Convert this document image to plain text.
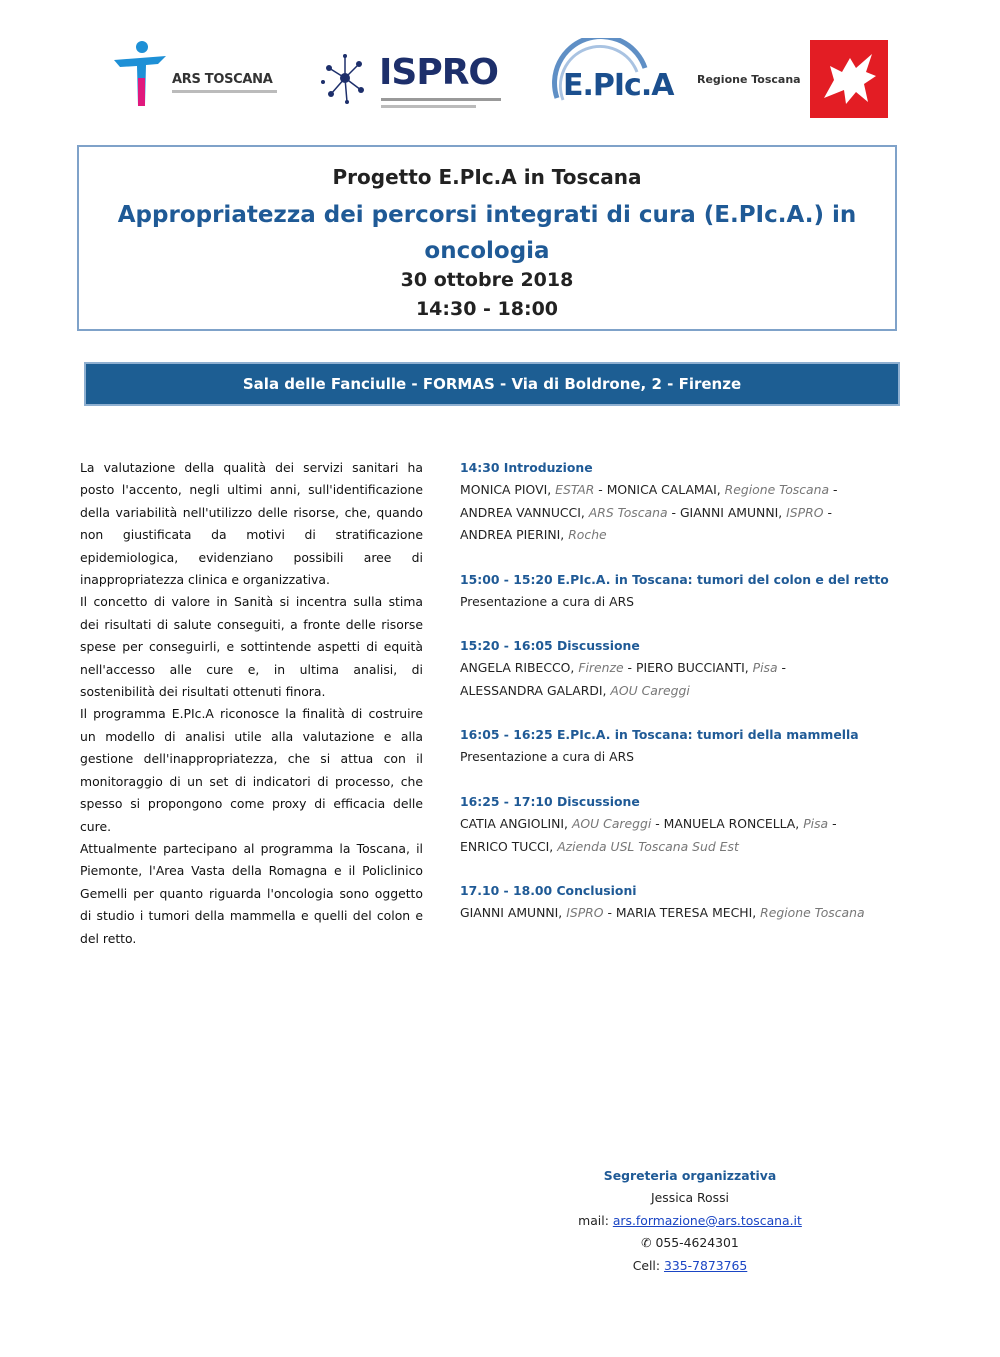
ARS TOSCANA	ISPRO E.PIc.A Regione Toscana
Progetto E.PIc.A in Toscana
Appropriatezza dei percorsi integrati di cura (E.PIc.A.) in oncologia
30 ottobre 2018
14:30 - 18:00
Sala delle Fanciulle - FORMAS - Via di Boldrone, 2 - Firenze

La valutazione della qualità dei servizi sanitari ha posto l'accento, negli ultimi anni, sull'identificazione della variabilità nell'utilizzo delle risorse, che, quando non giustificata da motivi di stratificazione epidemiologica, evidenziano possibili aree di inappropriatezza clinica e organizzativa.

Il concetto di valore in Sanità si incentra sulla stima dei risultati di salute conseguiti, a fronte delle risorse spese per conseguirli, e sottintende aspetti di equità nell'accesso alle cure e, in ultima analisi, di sostenibilità dei risultati ottenuti finora.

Il programma E.PIc.A riconosce la finalità di costruire un modello di analisi utile alla valutazione e alla gestione dell'inappropriatezza, che si attua con il monitoraggio di un set di indicatori di processo, che spesso si propongono come proxy di efficacia delle cure.

Attualmente partecipano al programma la Toscana, il Piemonte, l'Area Vasta della Romagna e il Policlinico Gemelli per quanto riguarda l'oncologia sono oggetto di studio i tumori della mammella e quelli del colon e del retto.

14:30 Introduzione
MONICA PIOVI, ESTAR - MONICA CALAMAI, Regione Toscana -
ANDREA VANNUCCI, ARS Toscana - GIANNI AMUNNI, ISPRO -
ANDREA PIERINI, Roche
15:00 - 15:20 E.PIc.A. in Toscana: tumori del colon e del retto
Presentazione a cura di ARS
15:20 - 16:05 Discussione
ANGELA RIBECCO, Firenze - PIERO BUCCIANTI, Pisa -
ALESSANDRA GALARDI, AOU Careggi
16:05 - 16:25 E.PIc.A. in Toscana: tumori della mammella
Presentazione a cura di ARS
16:25 - 17:10 Discussione
CATIA ANGIOLINI, AOU Careggi - MANUELA RONCELLA, Pisa -
ENRICO TUCCI, Azienda USL Toscana Sud Est
17.10 - 18.00 Conclusioni
GIANNI AMUNNI, ISPRO - MARIA TERESA MECHI, Regione Toscana
Segreteria organizzativa
Jessica Rossi
mail: ars.formazione@ars.toscana.it
✆ 055-4624301
Cell: 335-7873765
